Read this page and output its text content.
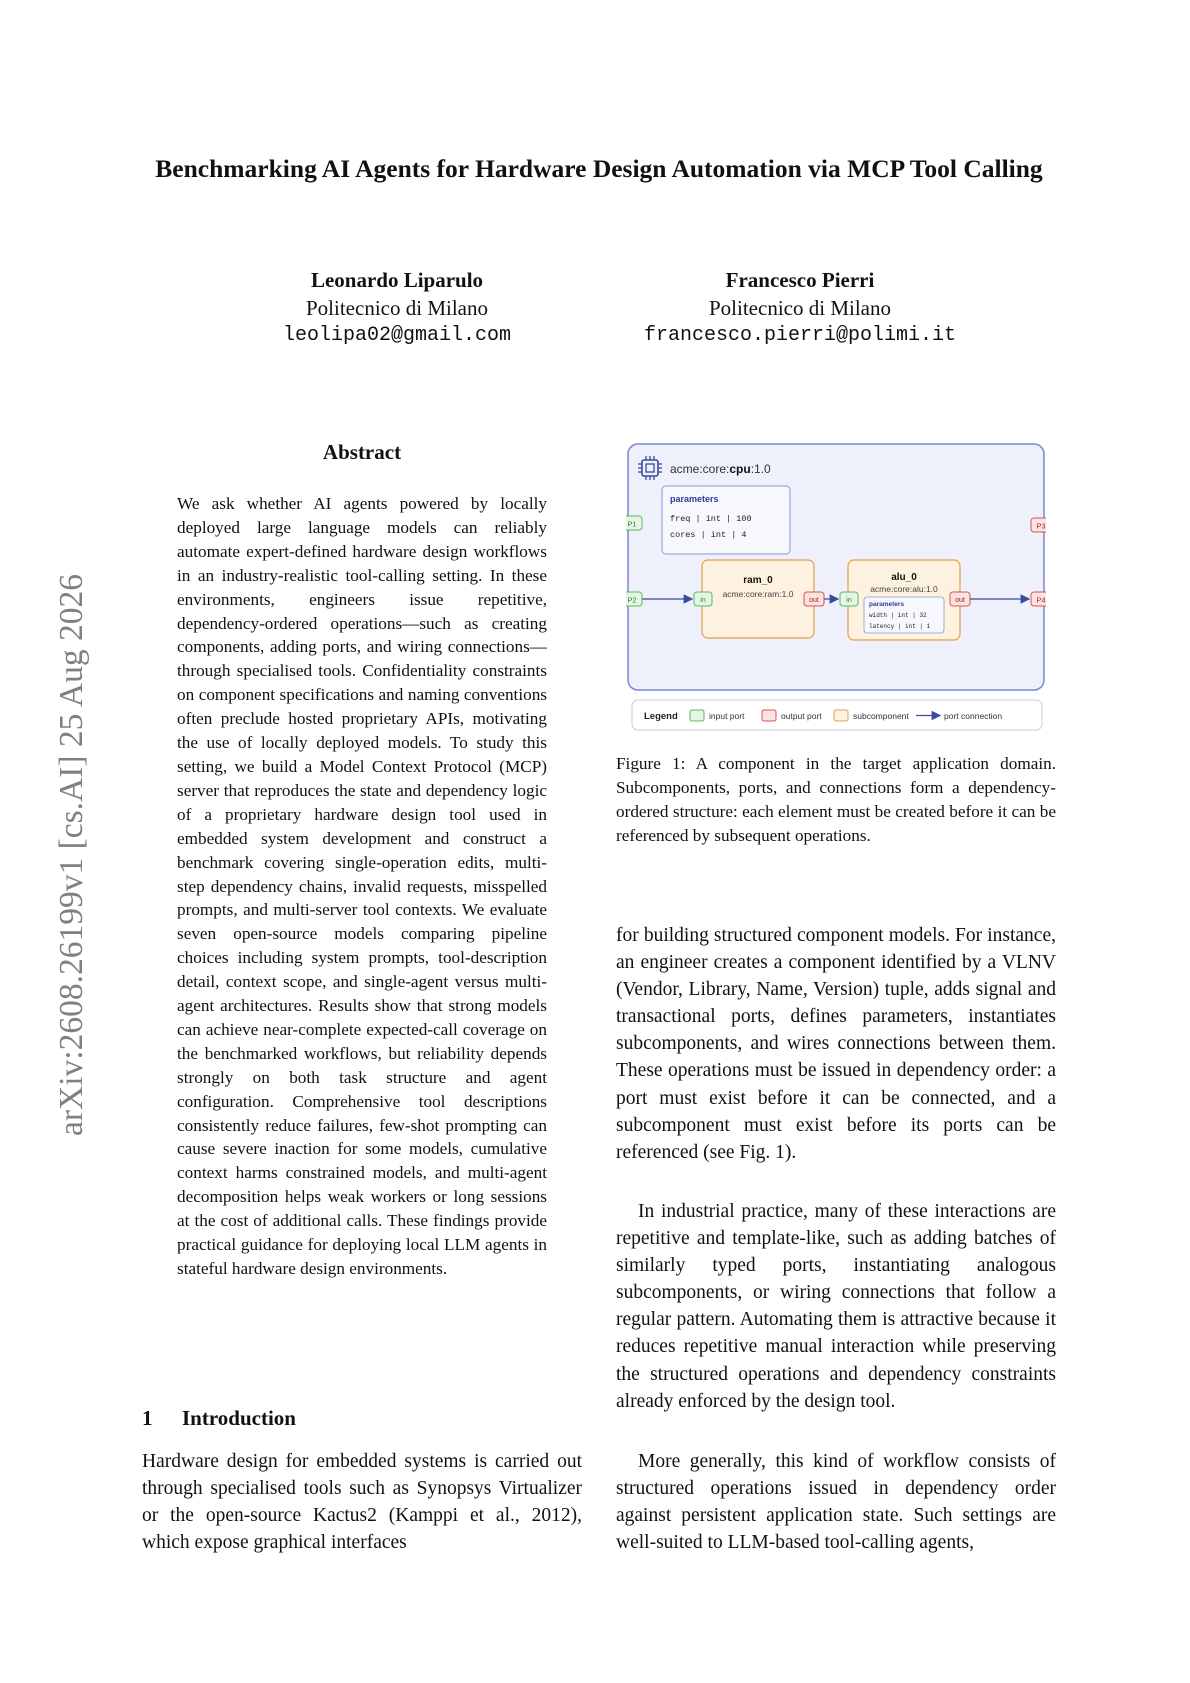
arXiv:2608.26199v1 [cs.AI] 25 Aug 2026
Benchmarking AI Agents for Hardware Design Automation via MCP Tool Calling
Leonardo Liparulo
Politecnico di Milano
leolipa02@gmail.com
Francesco Pierri
Politecnico di Milano
francesco.pierri@polimi.it
Abstract

We ask whether AI agents powered by locally deployed large language models can reliably automate expert-defined hardware design workflows in an industry-realistic tool-calling setting. In these environments, engineers issue repetitive, dependency-ordered operations—such as creating components, adding ports, and wiring connections—through specialised tools. Confidentiality constraints on component specifications and naming conventions often preclude hosted proprietary APIs, motivating the use of locally deployed models. To study this setting, we build a Model Context Protocol (MCP) server that reproduces the state and dependency logic of a proprietary hardware design tool used in embedded system development and construct a benchmark covering single-operation edits, multi-step dependency chains, invalid requests, misspelled prompts, and multi-server tool contexts. We evaluate seven open-source models comparing pipeline choices including system prompts, tool-description detail, context scope, and single-agent versus multi-agent architectures. Results show that strong models can achieve near-complete expected-call coverage on the benchmarked workflows, but reliability depends strongly on both task structure and agent configuration. Comprehensive tool descriptions consistently reduce failures, few-shot prompting can cause severe inaction for some models, cumulative context harms constrained models, and multi-agent decomposition helps weak workers or long sessions at the cost of additional calls. These findings provide practical guidance for deploying local LLM agents in stateful hardware design environments.

1 Introduction

Hardware design for embedded systems is carried out through specialised tools such as Synopsys Virtualizer or the open-source Kactus2 (Kamppi et al., 2012), which expose graphical interfaces

for building structured component models. For instance, an engineer creates a component identified by a VLNV (Vendor, Library, Name, Version) tuple, adds signal and transactional ports, defines parameters, instantiates subcomponents, and wires connections between them. These operations must be issued in dependency order: a port must exist before it can be connected, and a subcomponent must exist before its ports can be referenced (see Fig. 1).

In industrial practice, many of these interactions are repetitive and template-like, such as adding batches of similarly typed ports, instantiating analogous subcomponents, or wiring connections that follow a regular pattern. Automating them is attractive because it reduces repetitive manual interaction while preserving the structured operations and dependency constraints already enforced by the design tool.

More generally, this kind of workflow consists of structured operations issued in dependency order against persistent application state. Such settings are well-suited to LLM-based tool-calling agents,

acme:core:cpu:1.0
parameters
freq | int | 100
cores | int | 4
P1
P2
P3
P4
ram_0
acme:core:ram:1.0
in	out
alu_0
acme:core:alu:1.0
parameters
width | int | 32
latency | int | 1
in	out
Legend	input port	output port	subcomponent	port connection

Figure 1: A component in the target application domain. Subcomponents, ports, and connections form a dependency-ordered structure: each element must be created before it can be referenced by subsequent operations.
